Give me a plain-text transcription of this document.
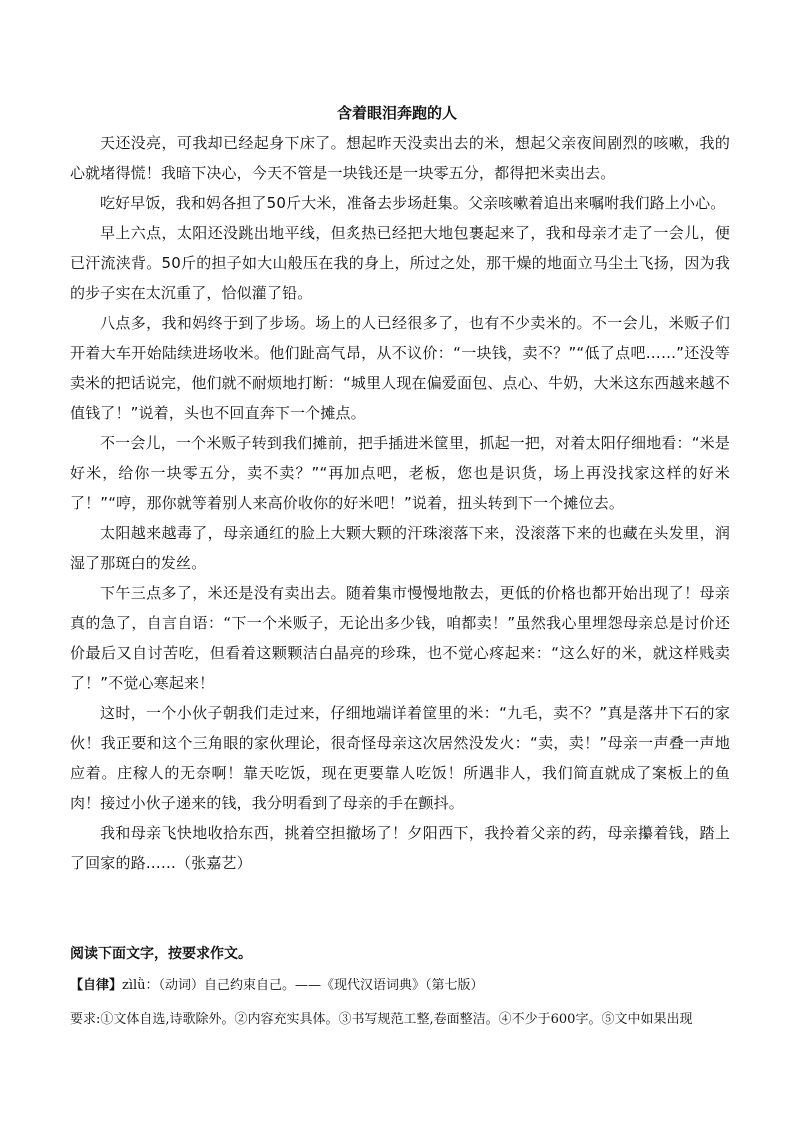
含着眼泪奔跑的人

天还没亮，可我却已经起身下床了。想起昨天没卖出去的米，想起父亲夜间剧烈的咳嗽，我的心就堵得慌！我暗下决心，今天不管是一块钱还是一块零五分，都得把米卖出去。

吃好早饭，我和妈各担了50斤大米，准备去步场赶集。父亲咳嗽着追出来嘱咐我们路上小心。

早上六点，太阳还没跳出地平线，但炙热已经把大地包裹起来了，我和母亲才走了一会儿，便已汗流浃背。50斤的担子如大山般压在我的身上，所过之处，那干燥的地面立马尘土飞扬，因为我的步子实在太沉重了，恰似灌了铅。

八点多，我和妈终于到了步场。场上的人已经很多了，也有不少卖米的。不一会儿，米贩子们开着大车开始陆续进场收米。他们趾高气昂，从不议价：“一块钱，卖不？”“低了点吧……”还没等卖米的把话说完，他们就不耐烦地打断：“城里人现在偏爱面包、点心、牛奶，大米这东西越来越不值钱了！”说着，头也不回直奔下一个摊点。

不一会儿，一个米贩子转到我们摊前，把手插进米筐里，抓起一把，对着太阳仔细地看：“米是好米，给你一块零五分，卖不卖？”“再加点吧，老板，您也是识货，场上再没找家这样的好米了！”“哼，那你就等着别人来高价收你的好米吧！”说着，扭头转到下一个摊位去。

太阳越来越毒了，母亲通红的脸上大颗大颗的汗珠滚落下来，没滚落下来的也藏在头发里，润湿了那斑白的发丝。

下午三点多了，米还是没有卖出去。随着集市慢慢地散去，更低的价格也都开始出现了！母亲真的急了，自言自语：“下一个米贩子，无论出多少钱，咱都卖！”虽然我心里埋怨母亲总是讨价还价最后又自讨苦吃，但看着这颗颗洁白晶亮的珍珠，也不觉心疼起来：“这么好的米，就这样贱卖了！”不觉心寒起来！

这时，一个小伙子朝我们走过来，仔细地端详着筐里的米：“九毛，卖不？”真是落井下石的家伙！我正要和这个三角眼的家伙理论，很奇怪母亲这次居然没发火：“卖，卖！”母亲一声叠一声地应着。庄稼人的无奈啊！靠天吃饭，现在更要靠人吃饭！所遇非人，我们简直就成了案板上的鱼肉！接过小伙子递来的钱，我分明看到了母亲的手在颤抖。

我和母亲飞快地收拾东西，挑着空担撤场了！夕阳西下，我拎着父亲的药，母亲攥着钱，踏上了回家的路……（张嘉艺）

阅读下面文字，按要求作文。

【自律】zìlǜ：（动词）自己约束自己。——《现代汉语词典》（第七版）

要求:①文体自选,诗歌除外。②内容充实具体。③书写规范工整,卷面整洁。④不少于600字。⑤文中如果出现
